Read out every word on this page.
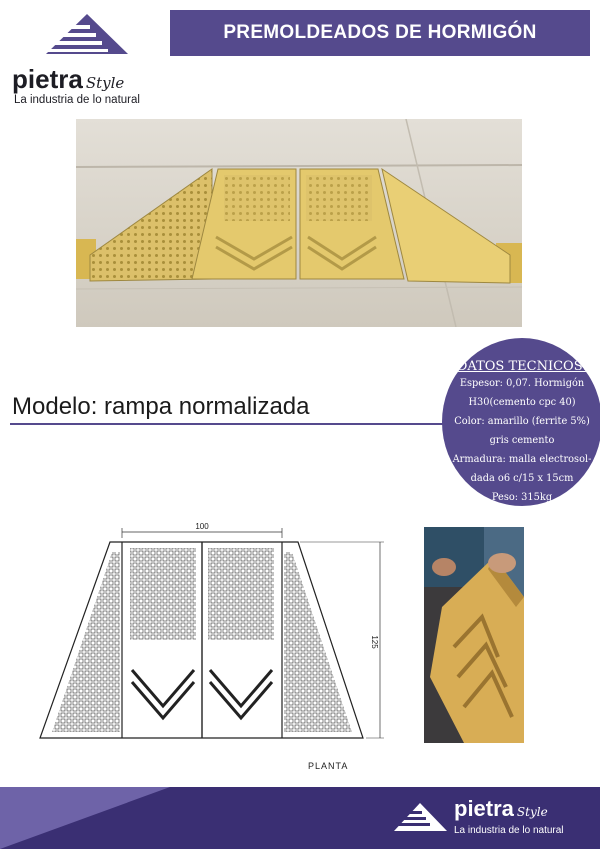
PREMOLDEADOS DE HORMIGÓN
pietra Style
La industria de lo natural
Modelo: rampa normalizada
DATOS TECNICOS:
Espesor: 0,07. Hormigón
H30(cemento cpc 40)
Color: amarillo (ferrite 5%)
gris cemento
Armadura: malla electrosol-
dada o6 c/15 x 15cm
Peso: 315kg
100
125
PLANTA
pietra Style
La industria de lo natural
